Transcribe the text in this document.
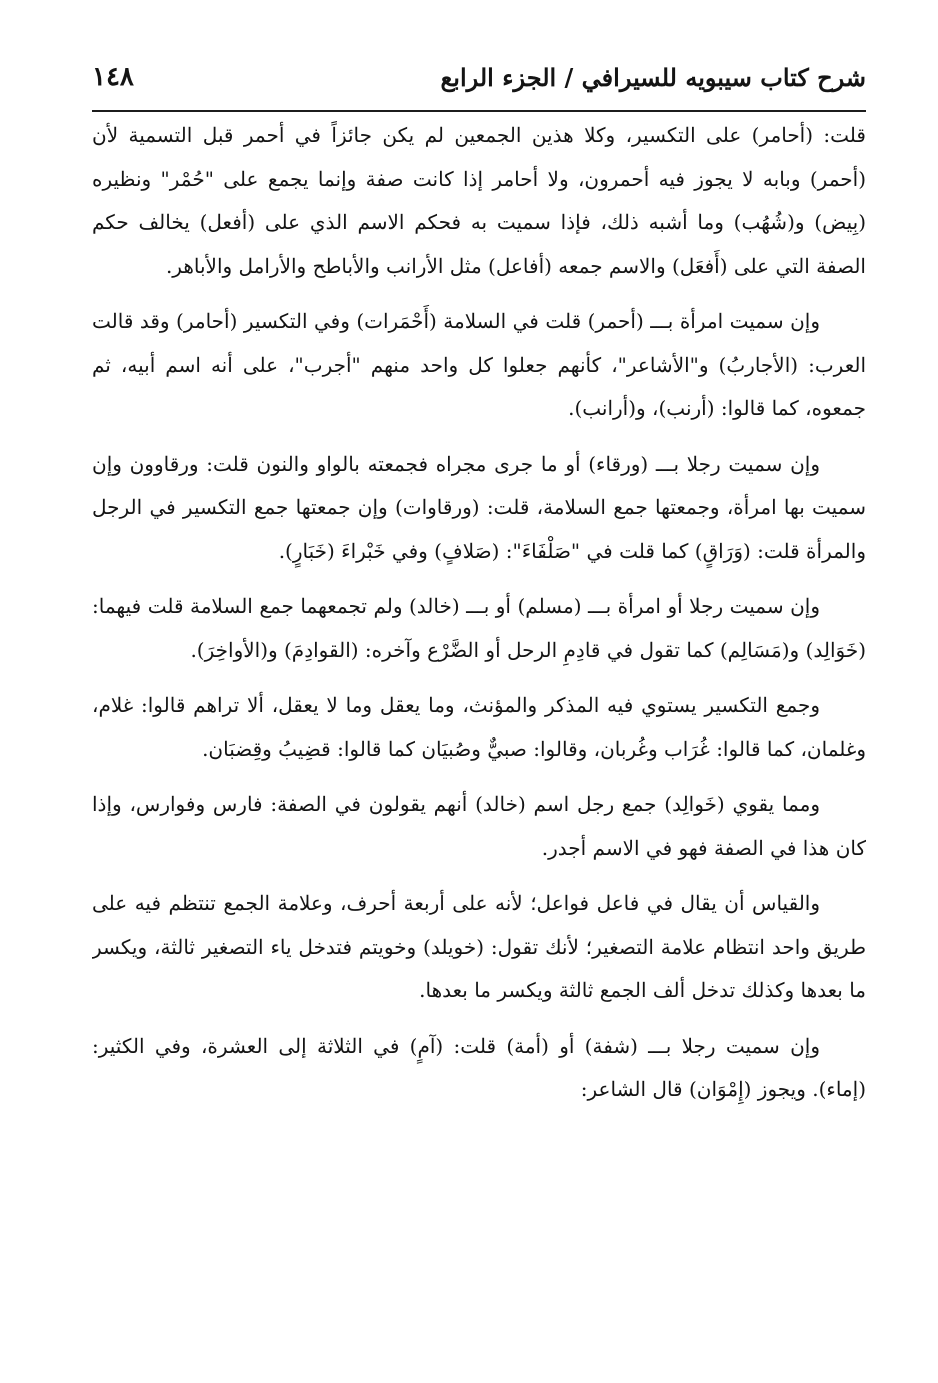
١٤٨	شرح كتاب سيبويه للسيرافي / الجزء الرابع

قلت: (أحامر) على التكسير، وكلا هذين الجمعين لم يكن جائزاً في أحمر قبل التسمية لأن (أحمر) وبابه لا يجوز فيه أحمرون، ولا أحامر إذا كانت صفة وإنما يجمع على "حُمْر" ونظيره (بِيض) و(شُهُب) وما أشبه ذلك، فإذا سميت به فحكم الاسم الذي على (أفعل) يخالف حكم الصفة التي على (أَفعَل) والاسم جمعه (أفاعل) مثل الأرانب والأباطح والأرامل والأباهر.

وإن سميت امرأة بـــ (أحمر) قلت في السلامة (أَحْمَرات) وفي التكسير (أحامر) وقد قالت العرب: (الأجاربُ) و"الأشاعر"، كأنهم جعلوا كل واحد منهم "أجرب"، على أنه اسم أبيه، ثم جمعوه، كما قالوا: (أرنب)، و(أرانب).

وإن سميت رجلا بـــ (ورقاء) أو ما جرى مجراه فجمعته بالواو والنون قلت: ورقاوون وإن سميت بها امرأة، وجمعتها جمع السلامة، قلت: (ورقاوات) وإن جمعتها جمع التكسير في الرجل والمرأة قلت: (وَرَاقٍ) كما قلت في "صَلْفَاءَ": (صَلافٍ) وفي خَبْراءَ (خَبَارٍ).

وإن سميت رجلا أو امرأة بـــ (مسلم) أو بـــ (خالد) ولم تجمعهما جمع السلامة قلت فيهما: (خَوَالِد) و(مَسَالِم) كما تقول في قادِمِ الرحل أو الضَّرْع وآخره: (القوادِمَ) و(الأواخِرَ).

وجمع التكسير يستوي فيه المذكر والمؤنث، وما يعقل وما لا يعقل، ألا تراهم قالوا: غلام، وغلمان، كما قالوا: غُرَاب وغُربان، وقالوا: صبيٌّ وصُبيَان كما قالوا: قضِيبُ وقِضبَان.

ومما يقوي (خَوالِد) جمع رجل اسم (خالد) أنهم يقولون في الصفة: فارس وفوارس، وإذا كان هذا في الصفة فهو في الاسم أجدر.

والقياس أن يقال في فاعل فواعل؛ لأنه على أربعة أحرف، وعلامة الجمع تنتظم فيه على طريق واحد انتظام علامة التصغير؛ لأنك تقول: (خويلد) وخويتم فتدخل ياء التصغير ثالثة، ويكسر ما بعدها وكذلك تدخل ألف الجمع ثالثة ويكسر ما بعدها.

وإن سميت رجلا بـــ (شفة) أو (أمة) قلت: (آمٍ) في الثلاثة إلى العشرة، وفي الكثير: (إماء). ويجوز (إِمْوَان) قال الشاعر:
